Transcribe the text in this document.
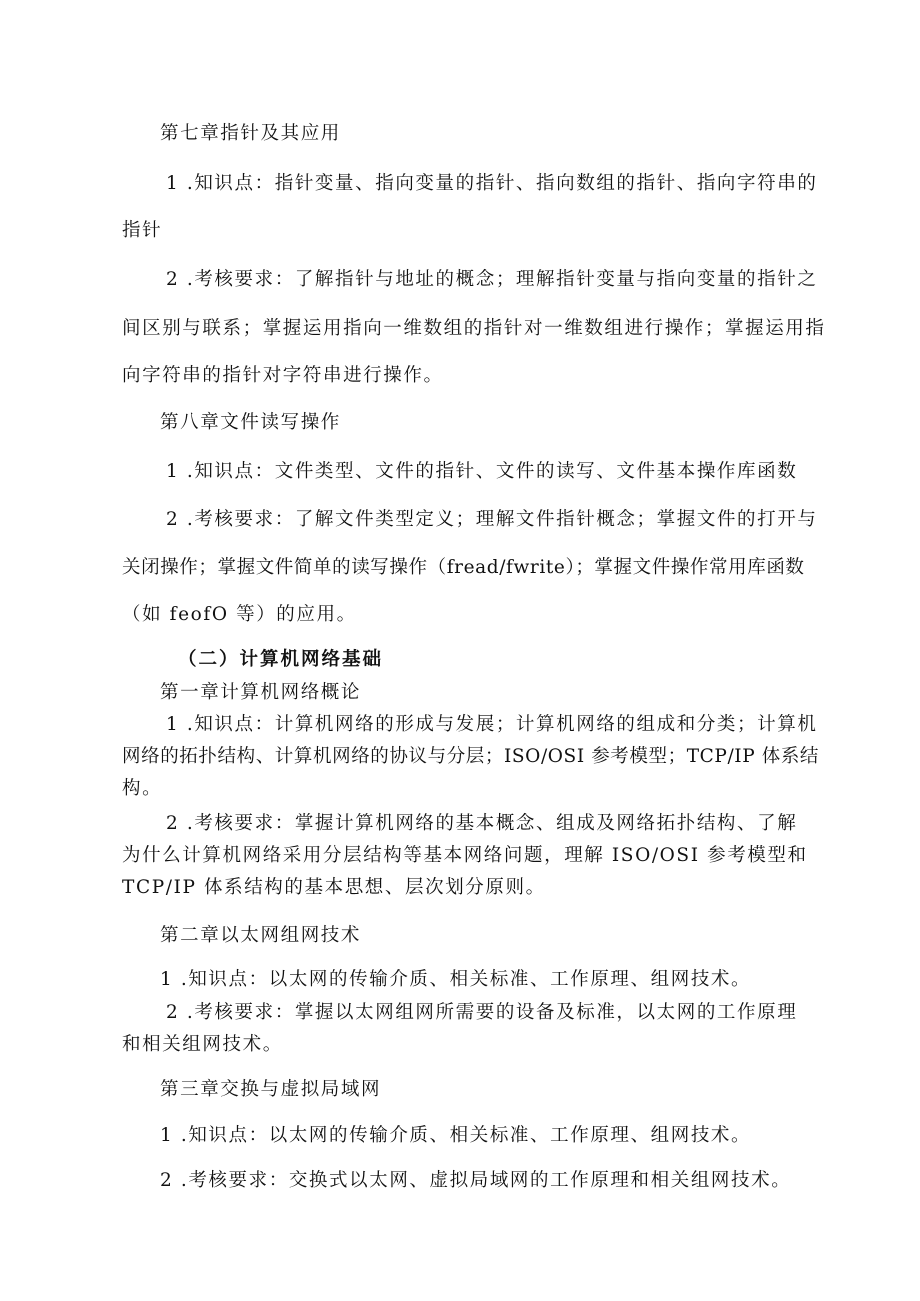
第七章指针及其应用
1 .知识点：指针变量、指向变量的指针、指向数组的指针、指向字符串的
指针
2 .考核要求：了解指针与地址的概念；理解指针变量与指向变量的指针之
间区别与联系；掌握运用指向一维数组的指针对一维数组进行操作；掌握运用指
向字符串的指针对字符串进行操作。
第八章文件读写操作
1 .知识点：文件类型、文件的指针、文件的读写、文件基本操作库函数
2 .考核要求：了解文件类型定义；理解文件指针概念；掌握文件的打开与
关闭操作；掌握文件简单的读写操作（fread/fwrite）；掌握文件操作常用库函数
（如 feofO 等）的应用。
（二）计算机网络基础
第一章计算机网络概论
1 .知识点：计算机网络的形成与发展；计算机网络的组成和分类；计算机
网络的拓扑结构、计算机网络的协议与分层；ISO/OSI 参考模型；TCP/IP 体系结
构。
2 .考核要求：掌握计算机网络的基本概念、组成及网络拓扑结构、了解
为什么计算机网络采用分层结构等基本网络问题，理解 ISO/OSI 参考模型和
TCP/IP 体系结构的基本思想、层次划分原则。
第二章以太网组网技术
1 .知识点：以太网的传输介质、相关标准、工作原理、组网技术。
2 .考核要求：掌握以太网组网所需要的设备及标准，以太网的工作原理
和相关组网技术。
第三章交换与虚拟局域网
1 .知识点：以太网的传输介质、相关标准、工作原理、组网技术。
2 .考核要求：交换式以太网、虚拟局域网的工作原理和相关组网技术。
